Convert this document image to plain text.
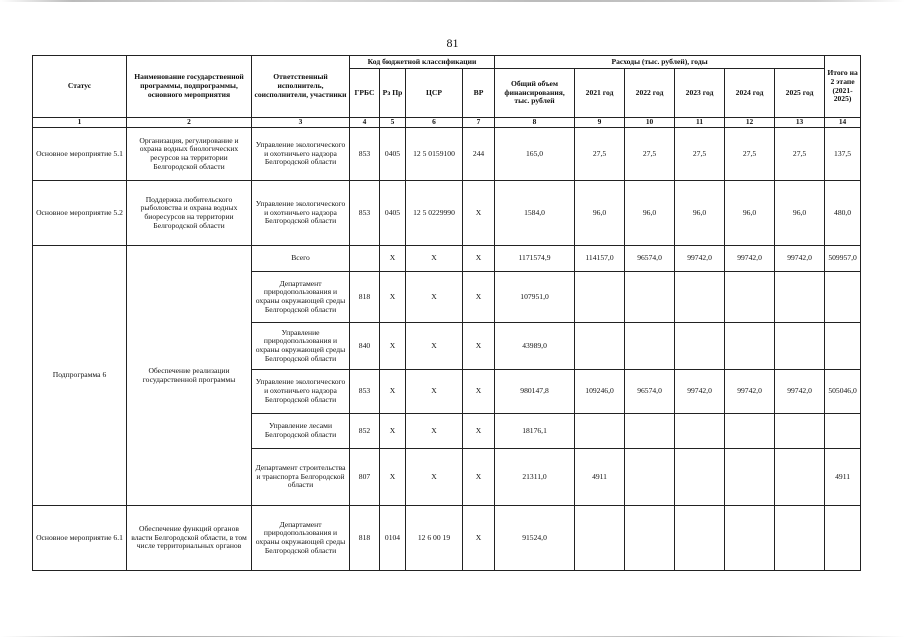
81
Статус	Наименование государственной программы, подпрограммы, основного мероприятия	Ответственный исполнитель, соисполнители, участники	Код бюджетной классификации				Расходы (тыс. рублей), годы						Итого на 2 этапе (2021-2025)
			ГРБС	Рз Пр	ЦСР	ВР	Общий объем финансирования, тыс. рублей	2021 год	2022 год	2023 год	2024 год	2025 год	
1	2	3	4	5	6	7	8	9	10	11	12	13	14
Основное мероприятие 5.1	Организация, регулирование и охрана водных биологических ресурсов на территории Белгородской области	Управление экологического и охотничьего надзора Белгородской области	853	0405	12 5 0159100	244	165,0	27,5	27,5	27,5	27,5	27,5	137,5
Основное мероприятие 5.2	Поддержка любительского рыболовства и охрана водных биоресурсов на территории Белгородской области	Управление экологического и охотничьего надзора Белгородской области	853	0405	12 5 0229990	Х	1584,0	96,0	96,0	96,0	96,0	96,0	480,0
Подпрограмма 6	Обеспечение реализации государственной программы	Всего		Х	Х	Х	1171574,9	114157,0	96574,0	99742,0	99742,0	99742,0	509957,0
		Департамент природопользования и охраны окружающей среды Белгородской области	818	Х	Х	Х	107951,0						
		Управление природопользования и охраны окружающей среды Белгородской области	840	Х	Х	Х	43989,0						
		Управление экологического и охотничьего надзора Белгородской области	853	Х	Х	Х	980147,8	109246,0	96574,0	99742,0	99742,0	99742,0	505046,0
		Управление лесами Белгородской области	852	Х	Х	Х	18176,1						
		Департамент строительства и транспорта Белгородской области	807	Х	Х	Х	21311,0	4911					4911
Основное мероприятие 6.1	Обеспечение функций органов власти Белгородской области, в том числе территориальных органов	Департамент природопользования и охраны окружающей среды Белгородской области	818	0104	12 6 00 19	Х	91524,0						
